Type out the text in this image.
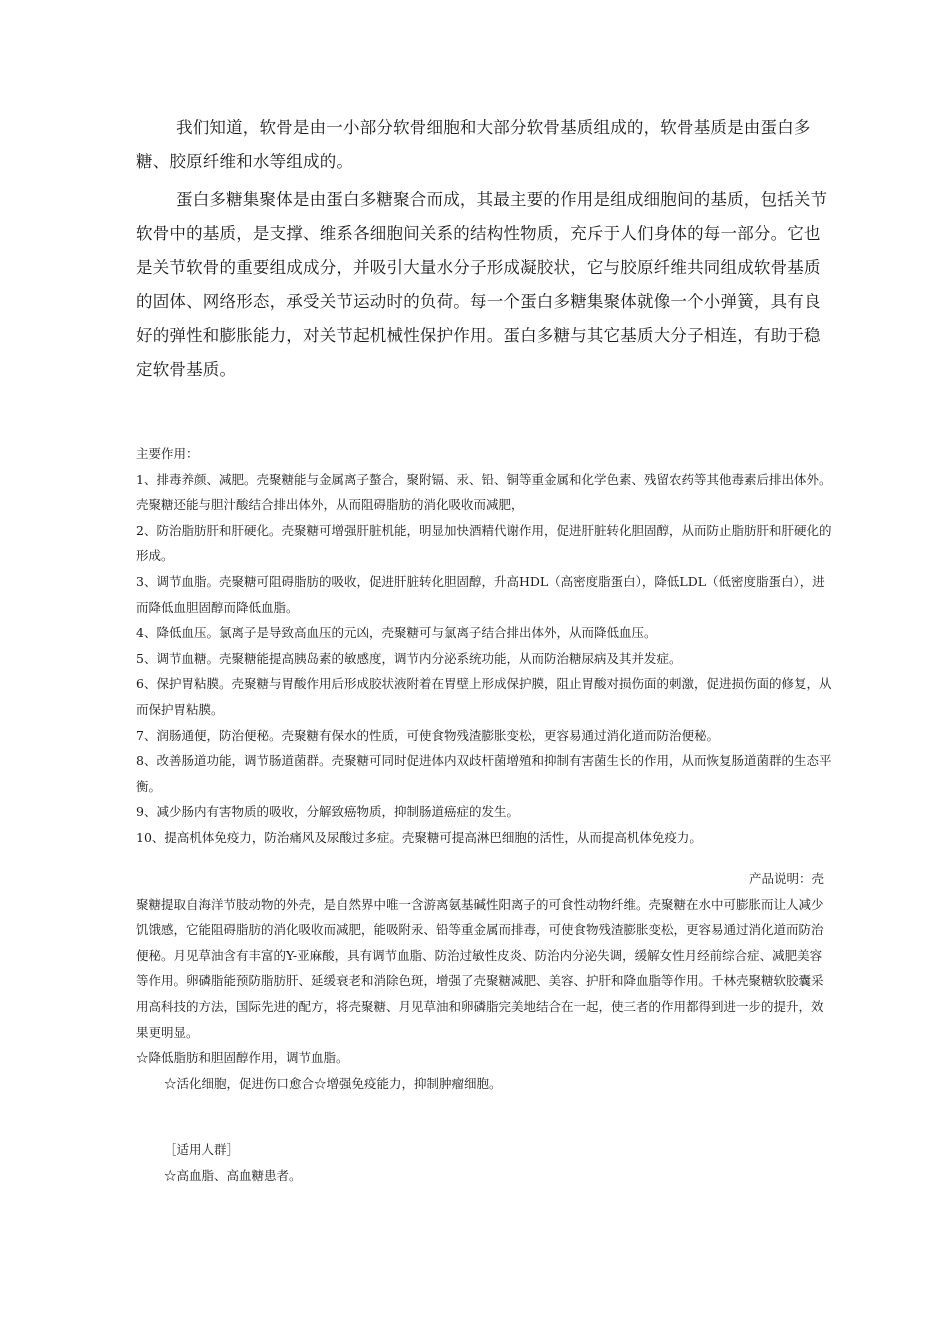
我们知道，软骨是由一小部分软骨细胞和大部分软骨基质组成的，软骨基质是由蛋白多糖、胶原纤维和水等组成的。

蛋白多糖集聚体是由蛋白多糖聚合而成，其最主要的作用是组成细胞间的基质，包括关节软骨中的基质，是支撑、维系各细胞间关系的结构性物质，充斥于人们身体的每一部分。它也是关节软骨的重要组成成分，并吸引大量水分子形成凝胶状，它与胶原纤维共同组成软骨基质的固体、网络形态，承受关节运动时的负荷。每一个蛋白多糖集聚体就像一个小弹簧，具有良好的弹性和膨胀能力，对关节起机械性保护作用。蛋白多糖与其它基质大分子相连，有助于稳定软骨基质。

主要作用：

1、排毒养颜、减肥。壳聚糖能与金属离子螯合，聚附镉、汞、铅、铜等重金属和化学色素、残留农药等其他毒素后排出体外。壳聚糖还能与胆汁酸结合排出体外，从而阻碍脂肪的消化吸收而减肥，
2、防治脂肪肝和肝硬化。壳聚糖可增强肝脏机能，明显加快酒精代谢作用，促进肝脏转化胆固醇，从而防止脂肪肝和肝硬化的形成。
3、调节血脂。壳聚糖可阻碍脂肪的吸收，促进肝脏转化胆固醇，升高HDL（高密度脂蛋白），降低LDL（低密度脂蛋白），进而降低血胆固醇而降低血脂。
4、降低血压。氯离子是导致高血压的元凶，壳聚糖可与氯离子结合排出体外，从而降低血压。
5、调节血糖。壳聚糖能提高胰岛素的敏感度，调节内分泌系统功能，从而防治糖尿病及其并发症。
6、保护胃粘膜。壳聚糖与胃酸作用后形成胶状液附着在胃壁上形成保护膜，阻止胃酸对损伤面的刺激，促进损伤面的修复，从而保护胃粘膜。
7、润肠通便，防治便秘。壳聚糖有保水的性质，可使食物残渣膨胀变松，更容易通过消化道而防治便秘。
8、改善肠道功能，调节肠道菌群。壳聚糖可同时促进体内双歧杆菌增殖和抑制有害菌生长的作用，从而恢复肠道菌群的生态平衡。
9、减少肠内有害物质的吸收，分解致癌物质，抑制肠道癌症的发生。
10、提高机体免疫力，防治痛风及尿酸过多症。壳聚糖可提高淋巴细胞的活性，从而提高机体免疫力。

产品说明：壳

聚糖提取自海洋节肢动物的外壳，是自然界中唯一含游离氨基碱性阳离子的可食性动物纤维。壳聚糖在水中可膨胀而让人减少饥饿感，它能阻碍脂肪的消化吸收而减肥，能吸附汞、铅等重金属而排毒，可使食物残渣膨胀变松，更容易通过消化道而防治便秘。月见草油含有丰富的Y-亚麻酸，具有调节血脂、防治过敏性皮炎、防治内分泌失调，缓解女性月经前综合症、减肥美容等作用。卵磷脂能预防脂肪肝、延缓衰老和消除色斑，增强了壳聚糖减肥、美容、护肝和降血脂等作用。千林壳聚糖软胶囊采用高科技的方法，国际先进的配方，将壳聚糖、月见草油和卵磷脂完美地结合在一起，使三者的作用都得到进一步的提升，效果更明显。

☆降低脂肪和胆固醇作用，调节血脂。

☆活化细胞，促进伤口愈合☆增强免疫能力，抑制肿瘤细胞。

［适用人群］

☆高血脂、高血糖患者。
